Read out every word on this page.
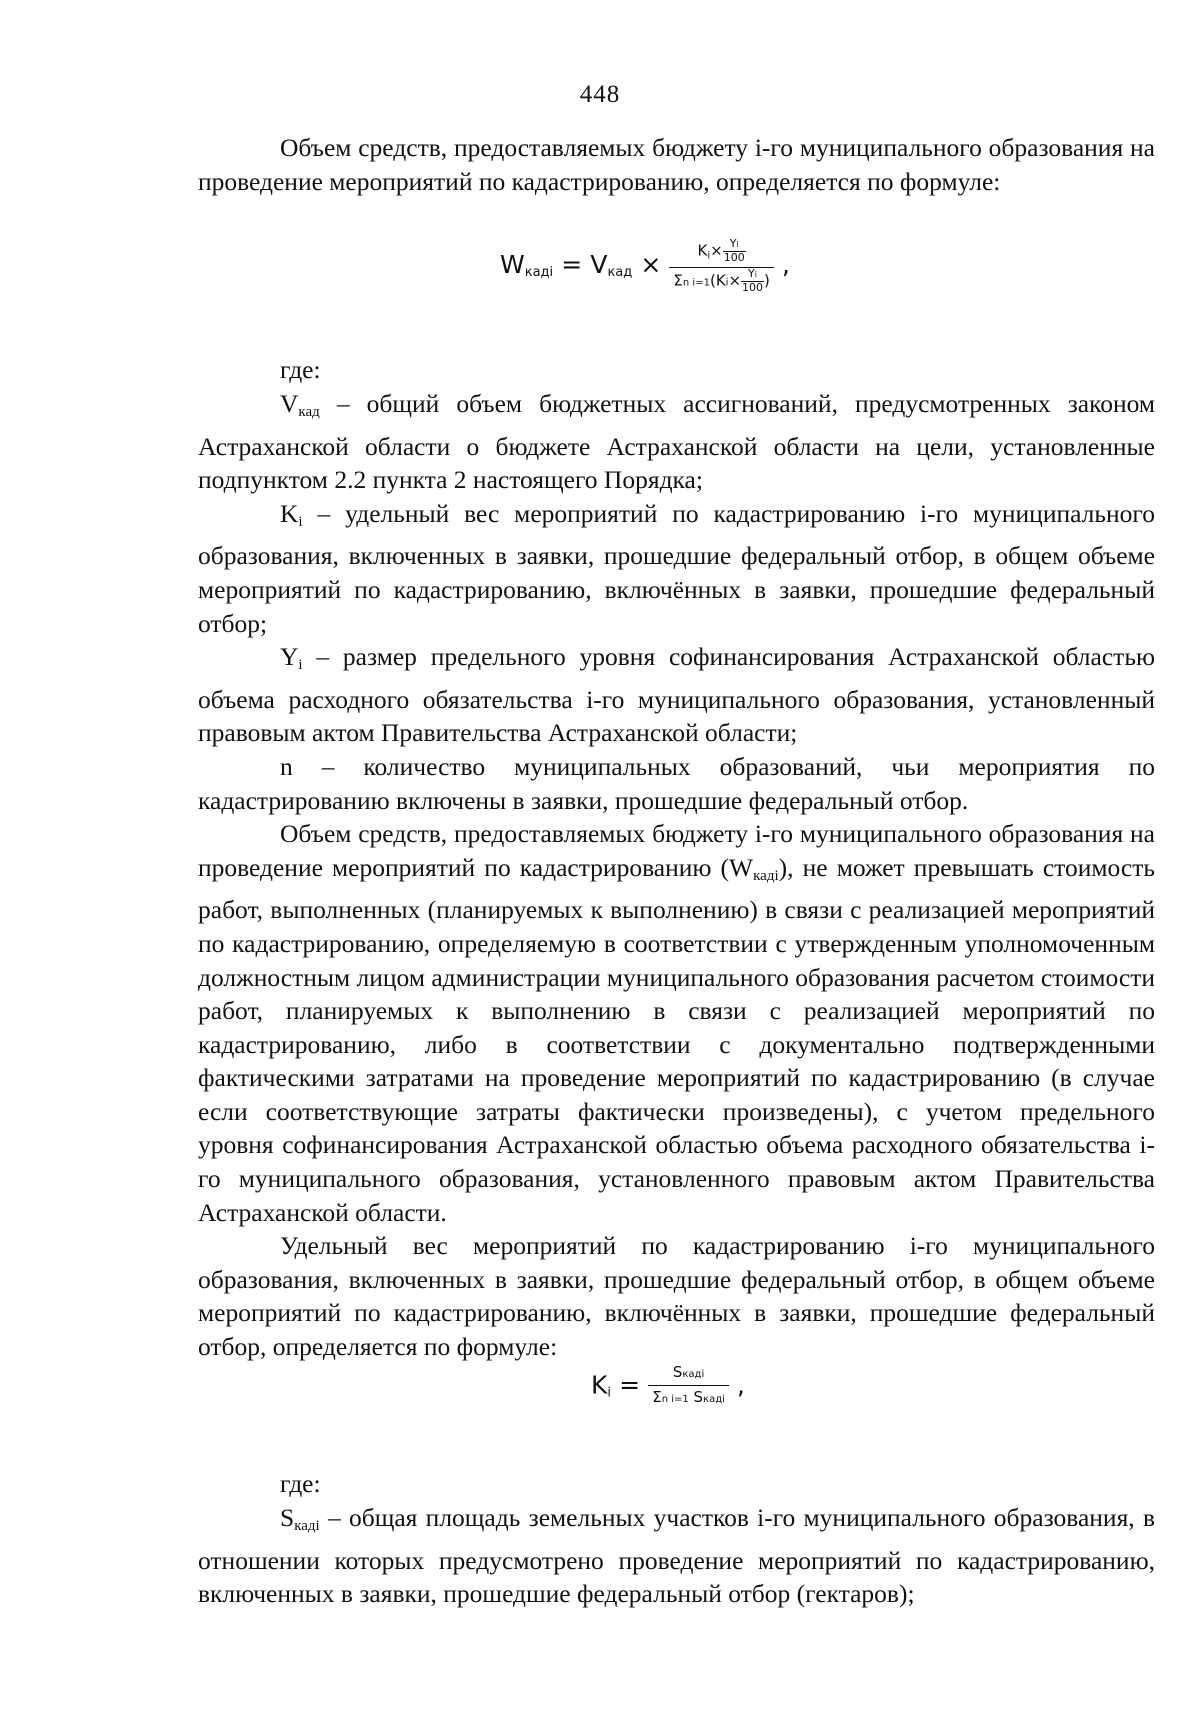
448

Объем средств, предоставляемых бюджету i-го муниципального образования на проведение мероприятий по кадастрированию, определяется по формуле:

Wкадi = Vкад × $\frac{K_i\times \frac{Yi}{100}}{\Sigma n i=1(Ki\times \frac{Yi}{100} )}$ ,
где:

$V_{кад}$ – общий объем бюджетных ассигнований, предусмотренных законом Астраханской области о бюджете Астраханской области на цели, установленные подпунктом 2.2 пункта 2 настоящего Порядка;

$K_i$ – удельный вес мероприятий по кадастрированию i-го муниципального образования, включенных в заявки, прошедшие федеральный отбор, в общем объеме мероприятий по кадастрированию, включённых в заявки, прошедшие федеральный отбор;

$Y_i$ – размер предельного уровня софинансирования Астраханской областью объема расходного обязательства i-го муниципального образования, установленный правовым актом Правительства Астраханской области;

n – количество муниципальных образований, чьи мероприятия по кадастрированию включены в заявки, прошедшие федеральный отбор.

Объем средств, предоставляемых бюджету i-го муниципального образования на проведение мероприятий по кадастрированию $(W_{кадi})$, не может превышать стоимость работ, выполненных (планируемых к выполнению) в связи с реализацией мероприятий по кадастрированию, определяемую в соответствии с утвержденным уполномоченным должностным лицом администрации муниципального образования расчетом стоимости работ, планируемых к выполнению в связи с реализацией мероприятий по кадастрированию, либо в соответствии с документально подтвержденными фактическими затратами на проведение мероприятий по кадастрированию (в случае если соответствующие затраты фактически произведены), с учетом предельного уровня софинансирования Астраханской областью объема расходного обязательства i-го муниципального образования, установленного правовым актом Правительства Астраханской области.

Удельный вес мероприятий по кадастрированию i-го муниципального образования, включенных в заявки, прошедшие федеральный отбор, в общем объеме мероприятий по кадастрированию, включённых в заявки, прошедшие федеральный отбор, определяется по формуле:

$Ki = \frac{\text{Sкадi}}{\text{Σn i=1 Sкадi}}$ ,
где:

$S_{кадi}$ – общая площадь земельных участков i-го муниципального образования, в отношении которых предусмотрено проведение мероприятий по кадастрированию, включенных в заявки, прошедшие федеральный отбор (гектаров);
